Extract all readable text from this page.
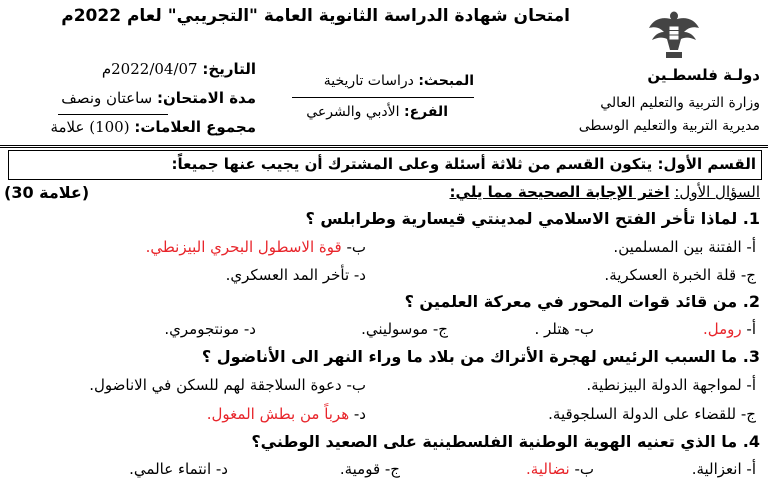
امتحان شهادة الدراسة الثانوية العامة "التجريبي" لعام 2022م
دولـة فلسطـين
وزارة التربية والتعليم العالي
مديرية التربية والتعليم الوسطى
المبحث: دراسات تاريخية
الفرع: الأدبي والشرعي
التاريخ: 2022/04/07م
مدة الامتحان: ساعتان ونصف
مجموع العلامات: (100) علامة
القسم الأول: يتكون القسم من ثلاثة أسئلة وعلى المشترك أن يجيب عنها جميعاً:
السؤال الأول: اختر الإجابة الصحيحة مما يلي:
(30 علامة)
1. لماذا تأخر الفتح الاسلامي لمدينتي قيسارية وطرابلس ؟
أ- الفتنة بين المسلمين.
ب- قوة الاسطول البحري البيزنطي.
ج- قلة الخبرة العسكرية.
د- تأخر المد العسكري.
2. من قائد قوات المحور في معركة العلمين ؟
أ- رومل.
ب- هتلر .
ج- موسوليني.
د- مونتجومري.
3. ما السبب الرئيس لهجرة الأتراك من بلاد ما وراء النهر الى الأناضول ؟
أ- لمواجهة الدولة البيزنطية.
ب- دعوة السلاجقة لهم للسكن في الاناضول.
ج- للقضاء على الدولة السلجوقية.
د- هرباً من بطش المغول.
4. ما الذي تعنيه الهوية الوطنية الفلسطينية على الصعيد الوطني؟
أ- انعزالية.
ب- نضالية.
ج- قومية.
د- انتماء عالمي.
